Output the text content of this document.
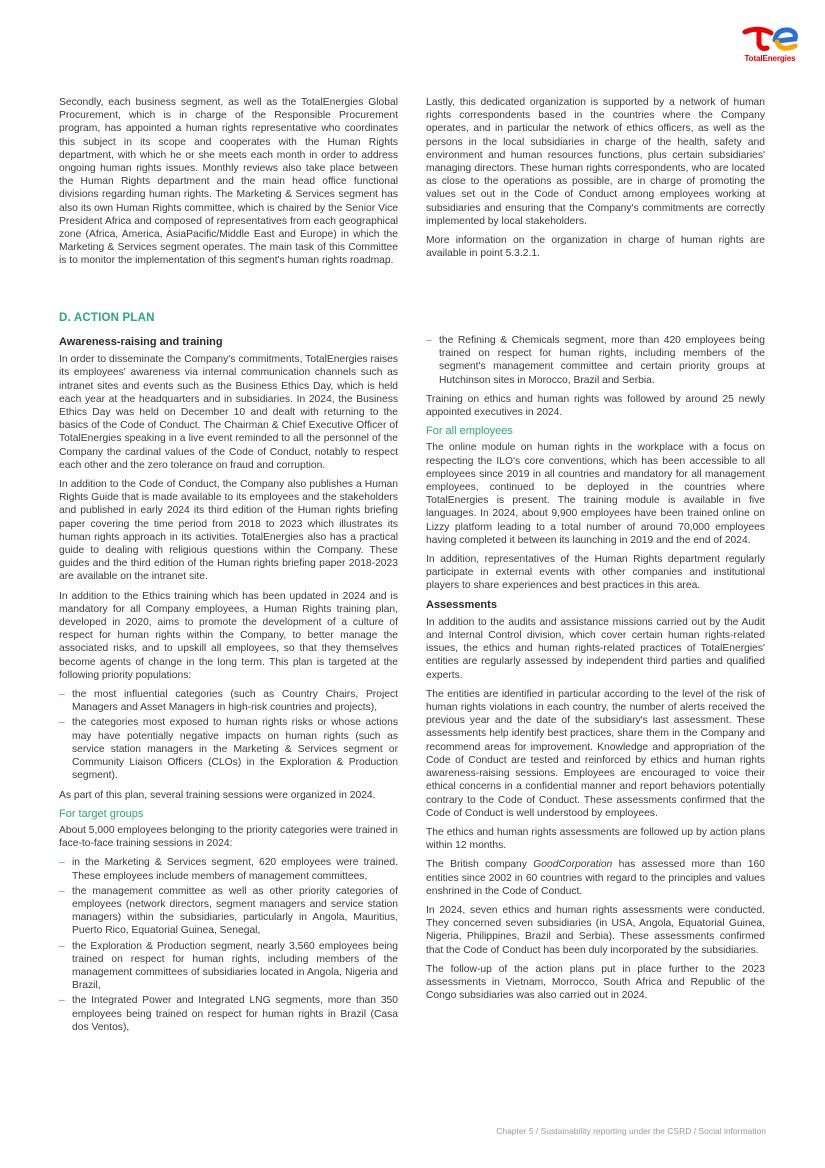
TotalEnergies

Secondly, each business segment, as well as the TotalEnergies Global Procurement, which is in charge of the Responsible Procurement program, has appointed a human rights representative who coordinates this subject in its scope and cooperates with the Human Rights department, with which he or she meets each month in order to address ongoing human rights issues. Monthly reviews also take place between the Human Rights department and the main head office functional divisions regarding human rights. The Marketing & Services segment has also its own Human Rights committee, which is chaired by the Senior Vice President Africa and composed of representatives from each geographical zone (Africa, America, AsiaPacific/Middle East and Europe) in which the Marketing & Services segment operates. The main task of this Committee is to monitor the implementation of this segment's human rights roadmap.

Lastly, this dedicated organization is supported by a network of human rights correspondents based in the countries where the Company operates, and in particular the network of ethics officers, as well as the persons in the local subsidiaries in charge of the health, safety and environment and human resources functions, plus certain subsidiaries' managing directors. These human rights correspondents, who are located as close to the operations as possible, are in charge of promoting the values set out in the Code of Conduct among employees working at subsidiaries and ensuring that the Company's commitments are correctly implemented by local stakeholders.

More information on the organization in charge of human rights are available in point 5.3.2.1.

D. ACTION PLAN
Awareness-raising and training

In order to disseminate the Company's commitments, TotalEnergies raises its employees' awareness via internal communication channels such as intranet sites and events such as the Business Ethics Day, which is held each year at the headquarters and in subsidiaries. In 2024, the Business Ethics Day was held on December 10 and dealt with returning to the basics of the Code of Conduct. The Chairman & Chief Executive Officer of TotalEnergies speaking in a live event reminded to all the personnel of the Company the cardinal values of the Code of Conduct, notably to respect each other and the zero tolerance on fraud and corruption.

In addition to the Code of Conduct, the Company also publishes a Human Rights Guide that is made available to its employees and the stakeholders and published in early 2024 its third edition of the Human rights briefing paper covering the time period from 2018 to 2023 which illustrates its human rights approach in its activities. TotalEnergies also has a practical guide to dealing with religious questions within the Company. These guides and the third edition of the Human rights briefing paper 2018-2023 are available on the intranet site.

In addition to the Ethics training which has been updated in 2024 and is mandatory for all Company employees, a Human Rights training plan, developed in 2020, aims to promote the development of a culture of respect for human rights within the Company, to better manage the associated risks, and to upskill all employees, so that they themselves become agents of change in the long term. This plan is targeted at the following priority populations:

– the most influential categories (such as Country Chairs, Project Managers and Asset Managers in high-risk countries and projects),
– the categories most exposed to human rights risks or whose actions may have potentially negative impacts on human rights (such as service station managers in the Marketing & Services segment or Community Liaison Officers (CLOs) in the Exploration & Production segment).

As part of this plan, several training sessions were organized in 2024.

For target groups

About 5,000 employees belonging to the priority categories were trained in face-to-face training sessions in 2024:

– in the Marketing & Services segment, 620 employees were trained. These employees include members of management committees,
– the management committee as well as other priority categories of employees (network directors, segment managers and service station managers) within the subsidiaries, particularly in Angola, Mauritius, Puerto Rico, Equatorial Guinea, Senegal,
– the Exploration & Production segment, nearly 3,560 employees being trained on respect for human rights, including members of the management committees of subsidiaries located in Angola, Nigeria and Brazil,
– the Integrated Power and Integrated LNG segments, more than 350 employees being trained on respect for human rights in Brazil (Casa dos Ventos),
– the Refining & Chemicals segment, more than 420 employees being trained on respect for human rights, including members of the segment's management committee and certain priority groups at Hutchinson sites in Morocco, Brazil and Serbia.

Training on ethics and human rights was followed by around 25 newly appointed executives in 2024.

For all employees

The online module on human rights in the workplace with a focus on respecting the ILO's core conventions, which has been accessible to all employees since 2019 in all countries and mandatory for all management employees, continued to be deployed in the countries where TotalEnergies is present. The training module is available in five languages. In 2024, about 9,900 employees have been trained online on Lizzy platform leading to a total number of around 70,000 employees having completed it between its launching in 2019 and the end of 2024.

In addition, representatives of the Human Rights department regularly participate in external events with other companies and institutional players to share experiences and best practices in this area.

Assessments

In addition to the audits and assistance missions carried out by the Audit and Internal Control division, which cover certain human rights-related issues, the ethics and human rights-related practices of TotalEnergies' entities are regularly assessed by independent third parties and qualified experts.

The entities are identified in particular according to the level of the risk of human rights violations in each country, the number of alerts received the previous year and the date of the subsidiary's last assessment. These assessments help identify best practices, share them in the Company and recommend areas for improvement. Knowledge and appropriation of the Code of Conduct are tested and reinforced by ethics and human rights awareness-raising sessions. Employees are encouraged to voice their ethical concerns in a confidential manner and report behaviors potentially contrary to the Code of Conduct. These assessments confirmed that the Code of Conduct is well understood by employees.

The ethics and human rights assessments are followed up by action plans within 12 months.

The British company GoodCorporation has assessed more than 160 entities since 2002 in 60 countries with regard to the principles and values enshrined in the Code of Conduct.

In 2024, seven ethics and human rights assessments were conducted. They concerned seven subsidiaries (in USA, Angola, Equatorial Guinea, Nigeria, Philippines, Brazil and Serbia). These assessments confirmed that the Code of Conduct has been duly incorporated by the subsidiaries.

The follow-up of the action plans put in place further to the 2023 assessments in Vietnam, Morrocco, South Africa and Republic of the Congo subsidiaries was also carried out in 2024.

Chapter 5 / Sustainability reporting under the CSRD / Social information
